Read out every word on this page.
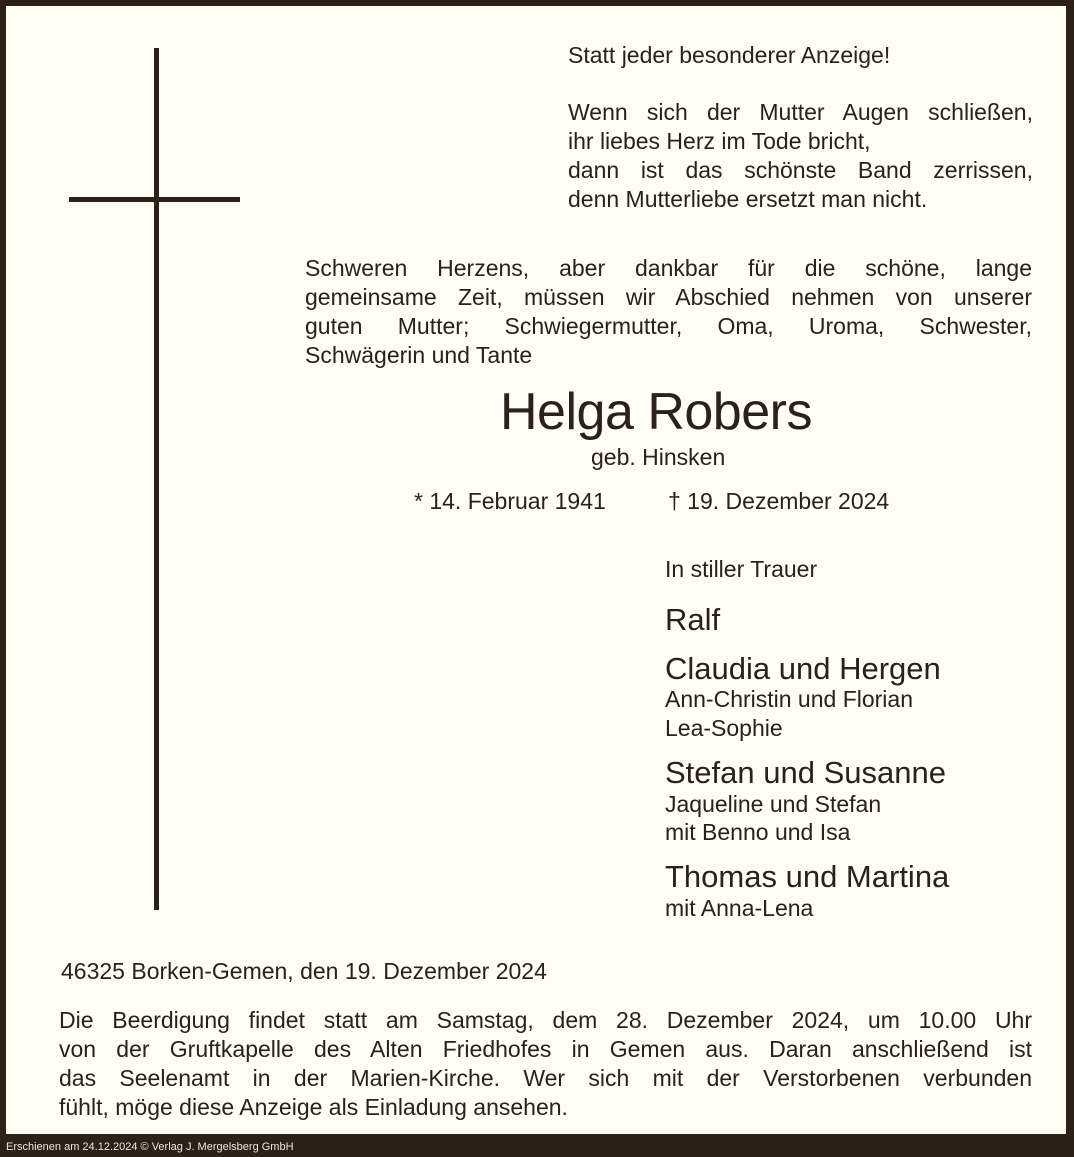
Statt jeder besonderer Anzeige!
Wenn sich der Mutter Augen schließen,
ihr liebes Herz im Tode bricht,
dann ist das schönste Band zerrissen,
denn Mutterliebe ersetzt man nicht.
Schweren Herzens, aber dankbar für die schöne, lange
gemeinsame Zeit, müssen wir Abschied nehmen von unserer
guten Mutter; Schwiegermutter, Oma, Uroma, Schwester,
Schwägerin und Tante
Helga Robers
geb. Hinsken
* 14. Februar 1941	† 19. Dezember 2024
In stiller Trauer
Ralf
Claudia und Hergen
Ann-Christin und Florian
Lea-Sophie
Stefan und Susanne
Jaqueline und Stefan
mit Benno und Isa
Thomas und Martina
mit Anna-Lena
46325 Borken-Gemen, den 19. Dezember 2024
Die Beerdigung findet statt am Samstag, dem 28. Dezember 2024, um 10.00 Uhr
von der Gruftkapelle des Alten Friedhofes in Gemen aus. Daran anschließend ist
das Seelenamt in der Marien-Kirche. Wer sich mit der Verstorbenen verbunden
fühlt, möge diese Anzeige als Einladung ansehen.
Erschienen am 24.12.2024 © Verlag J. Mergelsberg GmbH
